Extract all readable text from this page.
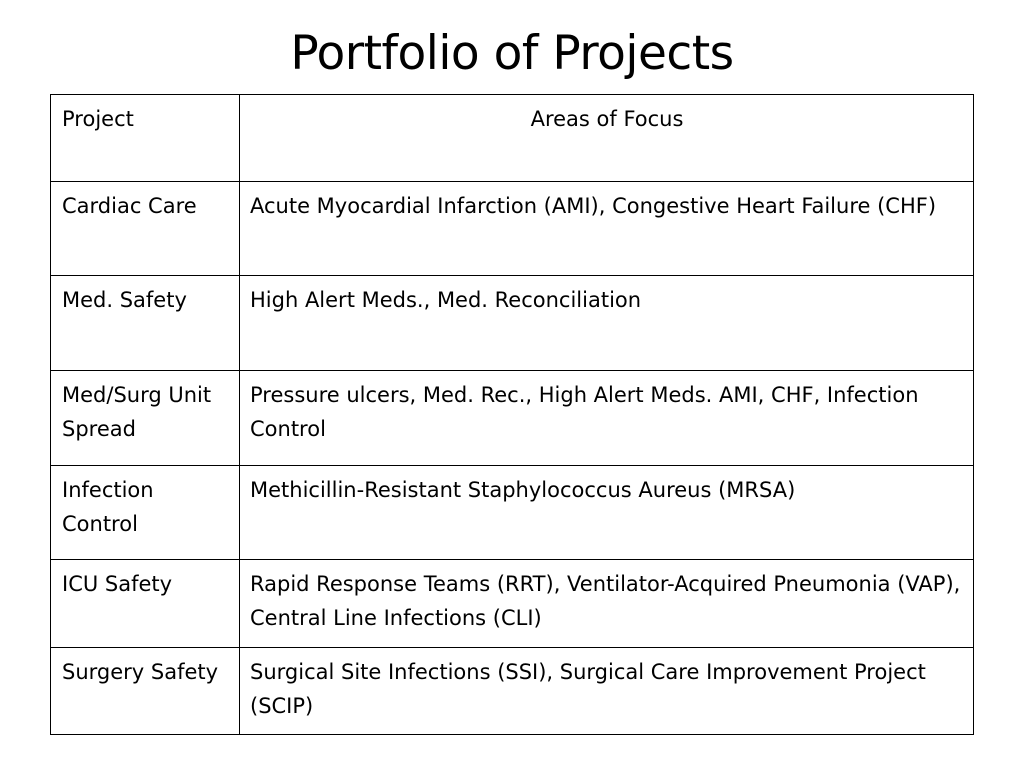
Portfolio of Projects
Project	Areas of Focus
Cardiac Care	Acute Myocardial Infarction (AMI), Congestive Heart Failure (CHF)
Med. Safety	High Alert Meds., Med. Reconciliation
Med/Surg Unit Spread	Pressure ulcers, Med. Rec., High Alert Meds. AMI, CHF, Infection Control
Infection Control	Methicillin-Resistant Staphylococcus Aureus (MRSA)
ICU Safety	Rapid Response Teams (RRT), Ventilator-Acquired Pneumonia (VAP), Central Line Infections (CLI)
Surgery Safety	Surgical Site Infections (SSI), Surgical Care Improvement Project (SCIP)
